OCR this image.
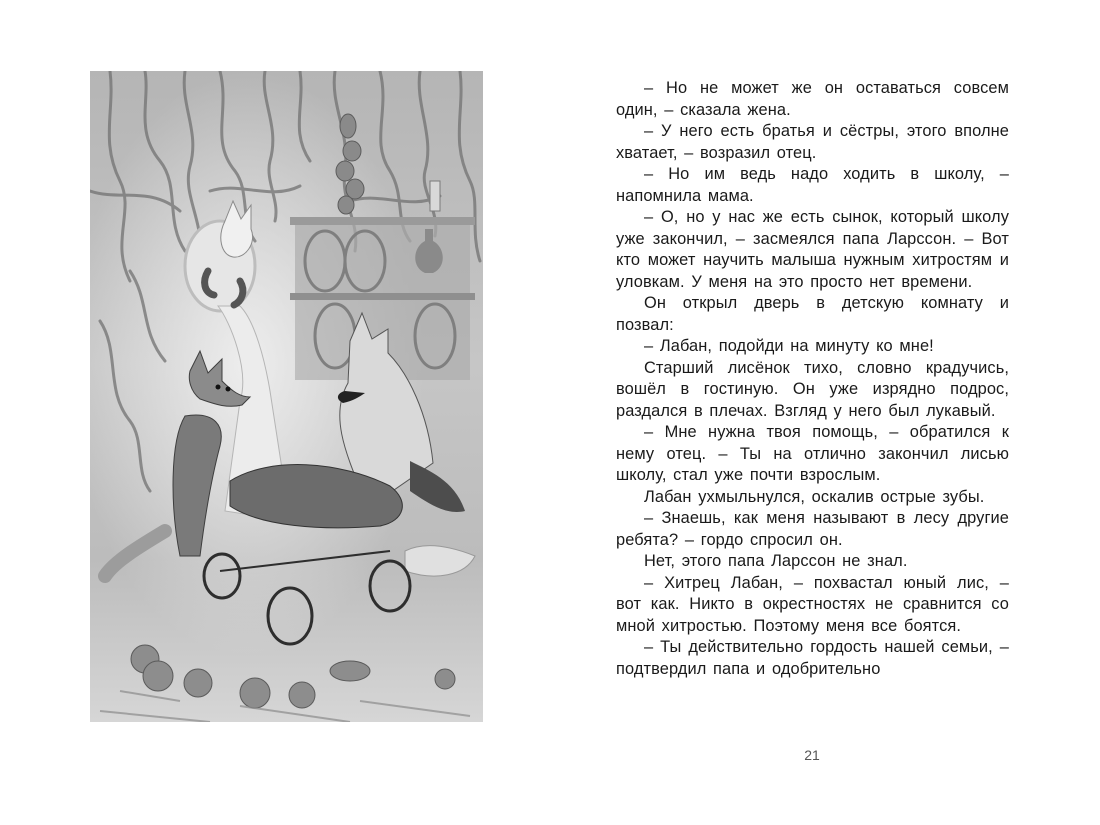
– Но не может же он оставаться совсем один, – сказала жена.

– У него есть братья и сёстры, этого вполне хватает, – возразил отец.

– Но им ведь надо ходить в школу, – напомнила мама.

– О, но у нас же есть сынок, который школу уже закончил, – засмеялся папа Ларссон. – Вот кто может научить малыша нужным хитростям и уловкам. У меня на это просто нет времени.

Он открыл дверь в детскую комнату и позвал:

– Лабан, подойди на минуту ко мне!

Старший лисёнок тихо, словно крадучись, вошёл в гостиную. Он уже изрядно подрос, раздался в плечах. Взгляд у него был лукавый.

– Мне нужна твоя помощь, – обратился к нему отец. – Ты на отлично закончил лисью школу, стал уже почти взрослым.

Лабан ухмыльнулся, оскалив острые зубы.

– Знаешь, как меня называют в лесу другие ребята? – гордо спросил он.

Нет, этого папа Ларссон не знал.

– Хитрец Лабан, – похвастал юный лис, – вот как. Никто в окрестностях не сравнится со мной хитростью. Поэтому меня все боятся.

– Ты действительно гордость нашей семьи, – подтвердил папа и одобрительно

21
